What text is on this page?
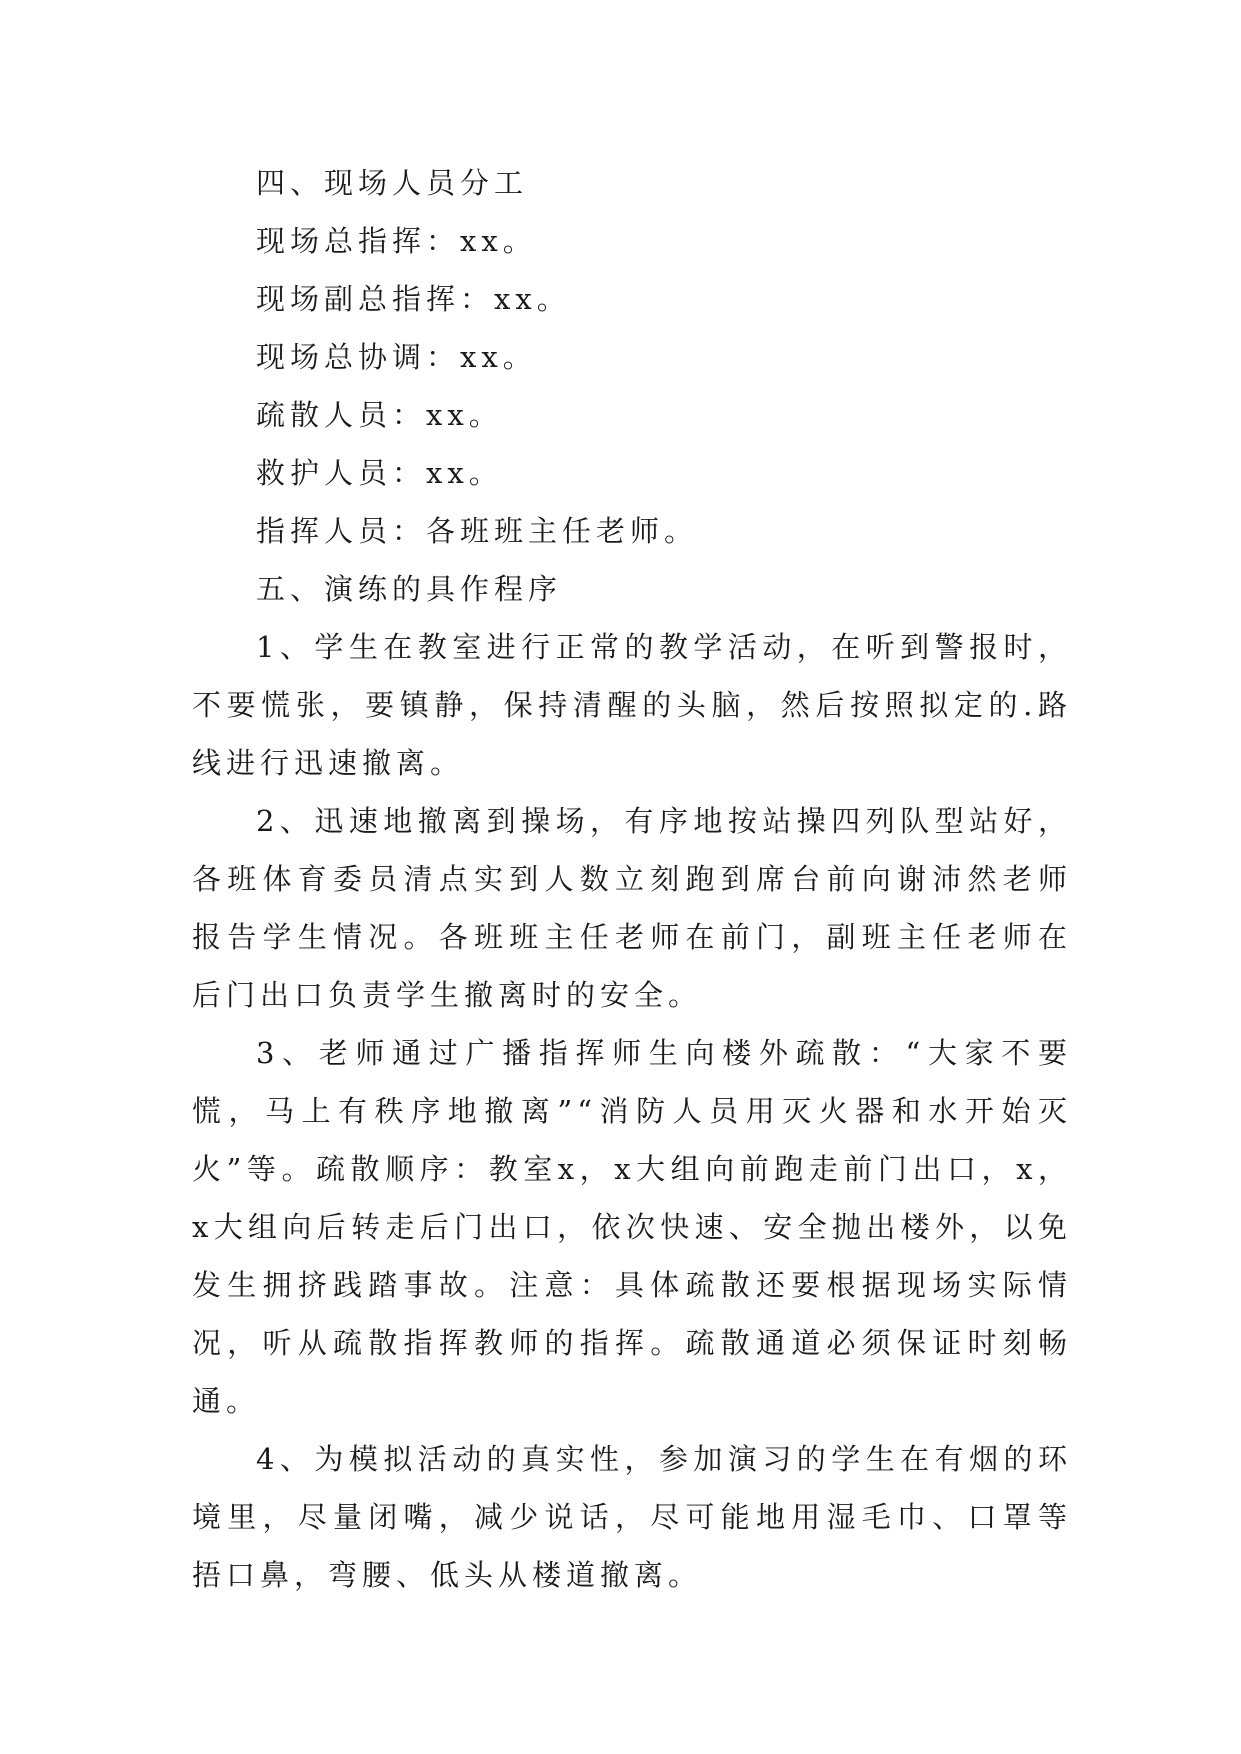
四、现场人员分工

现场总指挥：xx。

现场副总指挥：xx。

现场总协调：xx。

疏散人员：xx。

救护人员：xx。

指挥人员：各班班主任老师。

五、演练的具作程序

1、学生在教室进行正常的教学活动，在听到警报时，不要慌张，要镇静，保持清醒的头脑，然后按照拟定的.路线进行迅速撤离。

2、迅速地撤离到操场，有序地按站操四列队型站好，各班体育委员清点实到人数立刻跑到席台前向谢沛然老师报告学生情况。各班班主任老师在前门，副班主任老师在后门出口负责学生撤离时的安全。

3、老师通过广播指挥师生向楼外疏散：“大家不要慌，马上有秩序地撤离”“消防人员用灭火器和水开始灭火”等。疏散顺序：教室x，x大组向前跑走前门出口，x，x大组向后转走后门出口，依次快速、安全抛出楼外，以免发生拥挤践踏事故。注意：具体疏散还要根据现场实际情况，听从疏散指挥教师的指挥。疏散通道必须保证时刻畅通。

4、为模拟活动的真实性，参加演习的学生在有烟的环境里，尽量闭嘴，减少说话，尽可能地用湿毛巾、口罩等捂口鼻，弯腰、低头从楼道撤离。
